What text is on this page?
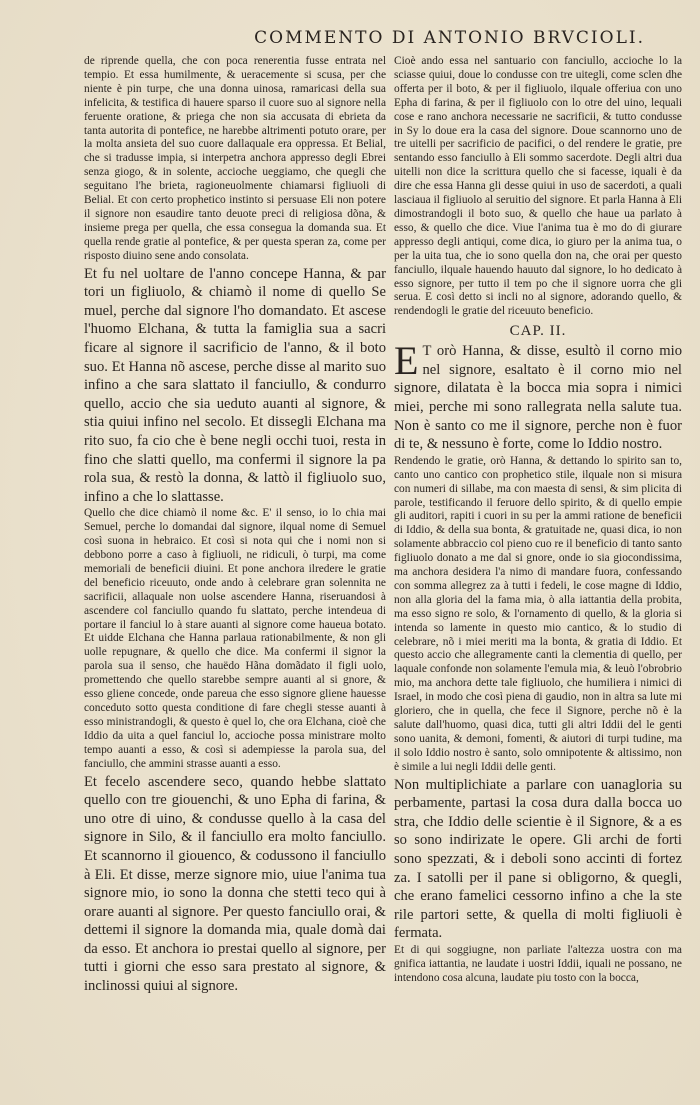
COMMENTO DI ANTONIO BRVCIOLI.

de riprende quella, che con poca renerentia fusse entrata nel tempio. Et essa humilmente, & ueracemente si scusa, per che niente è pin turpe, che una donna uinosa, ramaricasi della sua infelicita, & testifica di hauere sparso il cuore suo al signore nella feruente oratione, & priega che non sia accusata di ebrieta da tanta autorita di pontefice, ne harebbe altrimenti potuto orare, per la molta ansieta del suo cuore dallaquale era oppressa. Et Belial, che si tradusse impia, si interpetra anchora appresso degli Ebrei senza giogo, & in solente, accioche ueggiamo, che quegli che seguitano l'he brieta, ragioneuolmente chiamarsi figliuoli di Belial. Et con certo prophetico instinto si persuase Eli non potere il signore non esaudire tanto deuote preci di religiosa dõna, & insieme prega per quella, che essa consegua la domanda sua. Et quella rende gratie al pontefice, & per questa speran za, come per risposto diuino sene ando consolata.

Et fu nel uoltare de l'anno concepe Hanna, & par tori un figliuolo, & chiamò il nome di quello Se muel, perche dal signore l'ho domandato. Et ascese l'huomo Elchana, & tutta la famiglia sua a sacri ficare al signore il sacrificio de l'anno, & il boto suo. Et Hanna nõ ascese, perche disse al marito suo infino a che sara slattato il fanciullo, & condurro quello, accio che sia ueduto auanti al signore, & stia quiui infino nel secolo. Et dissegli Elchana ma rito suo, fa cio che è bene negli occhi tuoi, resta in fino che slatti quello, ma confermi il signore la pa rola sua, & restò la donna, & lattò il figliuolo suo, infino a che lo slattasse.

Quello che dice chiamò il nome &c. E' il senso, io lo chia mai Semuel, perche lo domandai dal signore, ilqual nome di Semuel così suona in hebraico. Et così si nota qui che i nomi non si debbono porre a caso à figliuoli, ne ridiculi, ò turpi, ma come memoriali de beneficii diuini. Et pone anchora ilredere le gratie del beneficio riceuuto, onde ando à celebrare gran solennita ne sacrificii, allaquale non uolse ascendere Hanna, riseruandosi à ascendere col fanciullo quando fu slattato, perche intendeua di portare il fanciul lo à stare auanti al signore come haueua botato. Et uidde Elchana che Hanna parlaua rationabilmente, & non gli uolle repugnare, & quello che dice. Ma confermi il signor la parola sua il senso, che hauëdo Hãna domãdato il figli uolo, promettendo che quello starebbe sempre auanti al si gnore, & esso gliene concede, onde pareua che esso signore gliene hauesse conceduto sotto questa conditione di fare chegli stesse auanti à esso ministrandogli, & questo è quel lo, che ora Elchana, cioè che Iddio da uita a quel fanciul lo, accioche possa ministrare molto tempo auanti a esso, & così si adempiesse la parola sua, del fanciullo, che ammini strasse auanti a esso.

Et fecelo ascendere seco, quando hebbe slattato quello con tre giouenchi, & uno Epha di farina, & uno otre di uino, & condusse quello à la casa del signore in Silo, & il fanciullo era molto fanciullo. Et scannorno il giouenco, & codussono il fanciullo à Eli. Et disse, merze signore mio, uiue l'anima tua signore mio, io sono la donna che stetti teco qui à orare auanti al signore. Per questo fanciullo orai, & dettemi il signore la domanda mia, quale domà dai da esso. Et anchora io prestai quello al signore, per tutti i giorni che esso sara prestato al signore, & inclinossi quiui al signore.

Cioè ando essa nel santuario con fanciullo, accioche lo la sciasse quiui, doue lo condusse con tre uitegli, come sclen dhe offerta per il boto, & per il figliuolo, ilquale offeriua con uno Epha di farina, & per il figliuolo con lo otre del uino, lequali cose e rano anchora necessarie ne sacrificii, & tutto condusse in Sy lo doue era la casa del signore. Doue scannorno uno de tre uitelli per sacrificio de pacifici, o del rendere le gratie, pre sentando esso fanciullo à Eli sommo sacerdote. Degli altri dua uitelli non dice la scrittura quello che si facesse, iquali è da dire che essa Hanna gli desse quiui in uso de sacerdoti, a quali lasciaua il figliuolo al seruitio del signore. Et parla Hanna à Eli dimostrandogli il boto suo, & quello che haue ua parlato à esso, & quello che dice. Viue l'anima tua è mo do di giurare appresso degli antiqui, come dica, io giuro per la anima tua, o per la uita tua, che io sono quella don na, che orai per questo fanciullo, ilquale hauendo hauuto dal signore, lo ho dedicato à esso signore, per tutto il tem po che il signore uorra che gli serua. E così detto si incli no al signore, adorando quello, & rendendogli le gratie del riceuuto beneficio.

CAP. II.

E T orò Hanna, & disse, esultò il corno mio nel signore, esaltato è il corno mio nel signore, dilatata è la bocca mia sopra i nimici miei, perche mi sono rallegrata nella salute tua. Non è santo co me il signore, perche non è fuor di te, & nessuno è forte, come lo Iddio nostro.

Rendendo le gratie, orò Hanna, & dettando lo spirito san to, canto uno cantico con prophetico stile, ilquale non si misura con numeri di sillabe, ma con maesta di sensi, & sim plicita di parole, testificando il feruore dello spirito, & di quello empie gli auditori, rapiti i cuori in su per la ammi ratione de beneficii di Iddio, & della sua bonta, & gratuitade ne, quasi dica, io non solamente abbraccio col pieno cuo re il beneficio di tanto santo figliuolo donato a me dal si gnore, onde io sia giocondissima, ma anchora desidera l'a nimo di mandare fuora, confessando con somma allegrez za à tutti i fedeli, le cose magne di Iddio, non alla gloria del la fama mia, ò alla iattantia della probita, ma esso signo re solo, & l'ornamento di quello, & la gloria si intenda so lamente in questo mio cantico, & lo studio di celebrare, nõ i miei meriti ma la bonta, & gratia di Iddio. Et questo accio che allegramente canti la clementia di quello, per laquale confonde non solamente l'emula mia, & leuò l'obrobrio mio, ma anchora dette tale figliuolo, che humiliera i nimici di Israel, in modo che così piena di gaudio, non in altra sa lute mi gloriero, che in quella, che fece il Signore, perche nõ è la salute dall'huomo, quasi dica, tutti gli altri Iddii del le genti sono uanita, & demoni, fomenti, & aiutori di turpi tudine, ma il solo Iddio nostro è santo, solo omnipotente & altissimo, non è simile a lui negli Iddii delle genti.

Non multiplichiate a parlare con uanagloria su perbamente, partasi la cosa dura dalla bocca uo stra, che Iddio delle scientie è il Signore, & a es so sono indirizate le opere. Gli archi de forti sono spezzati, & i deboli sono accinti di fortez za. I satolli per il pane si obligorno, & quegli, che erano famelici cessorno infino a che la ste rile partori sette, & quella di molti figliuoli è fermata.

Et di qui soggiugne, non parliate l'altezza uostra con ma gnifica iattantia, ne laudate i uostri Iddii, iquali ne possano, ne intendono cosa alcuna, laudate piu tosto con la bocca,
